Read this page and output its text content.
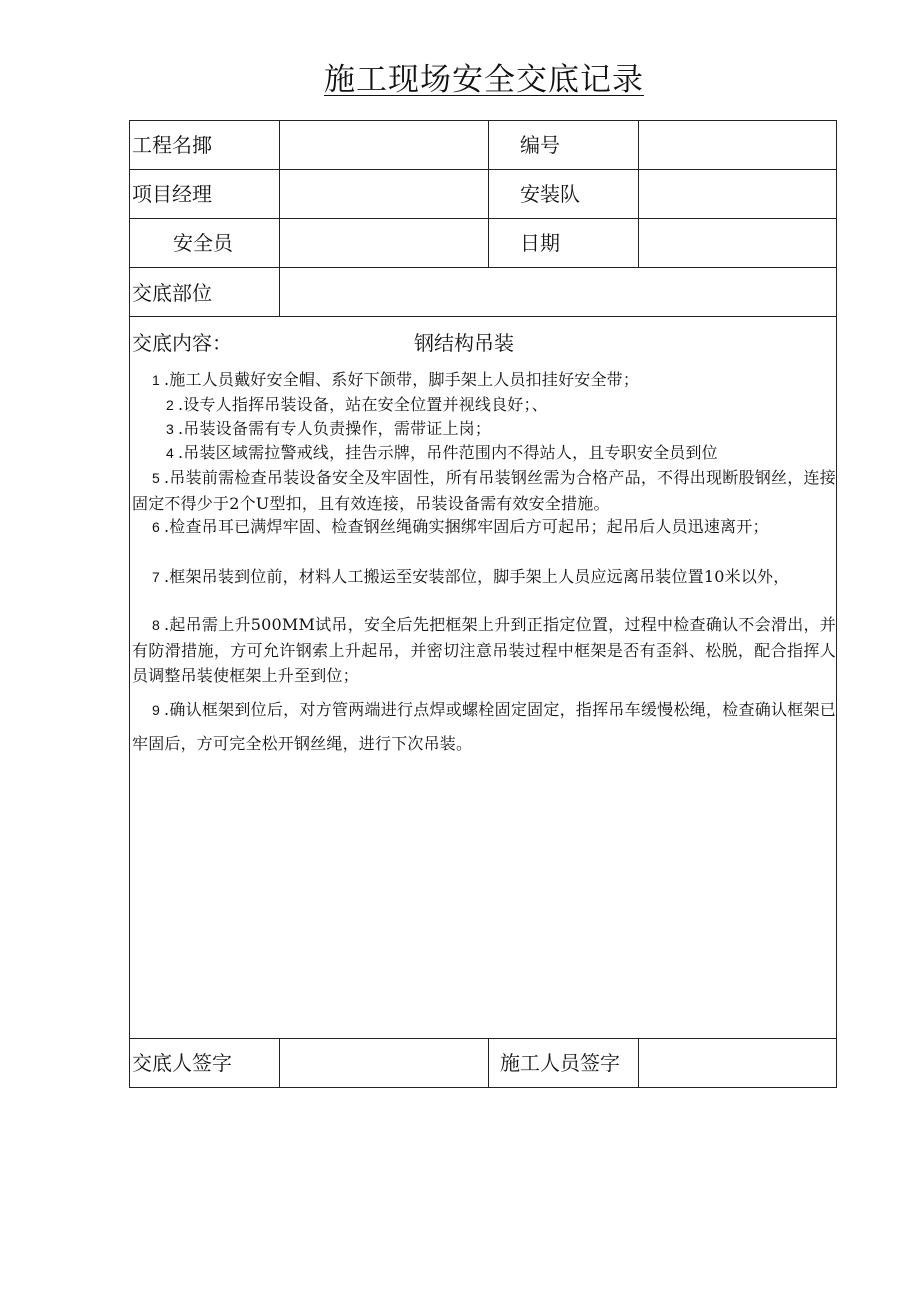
施工现场安全交底记录
工程名揶	编号
项目经理	安装队
安全员	日期
交底部位
交底内容：	钢结构吊装
1 .施工人员戴好安全帽、系好下颌带，脚手架上人员扣挂好安全带；
2 .设专人指挥吊装设备，站在安全位置并视线良好；、
3 .吊装设备需有专人负责操作，需带证上岗；
4 .吊装区域需拉警戒线，挂告示牌，吊件范围内不得站人，且专职安全员到位
5 .吊装前需检查吊装设备安全及牢固性，所有吊装钢丝需为合格产品，不得出现断股钢丝，连接固定不得少于2个U型扣，且有效连接，吊装设备需有效安全措施。
6 .检查吊耳已满焊牢固、检查钢丝绳确实捆绑牢固后方可起吊；起吊后人员迅速离开；
7 .框架吊装到位前，材料人工搬运至安装部位，脚手架上人员应远离吊装位置10米以外，
8 .起吊需上升500MM试吊，安全后先把框架上升到正指定位置，过程中检查确认不会滑出，并有防滑措施，方可允许钢索上升起吊，并密切注意吊装过程中框架是否有歪斜、松脱，配合指挥人员调整吊装使框架上升至到位；
9 .确认框架到位后，对方管两端进行点焊或螺栓固定固定，指挥吊车缓慢松绳，检查确认框架已牢固后，方可完全松开钢丝绳，进行下次吊装。
交底人签字	施工人员签字
